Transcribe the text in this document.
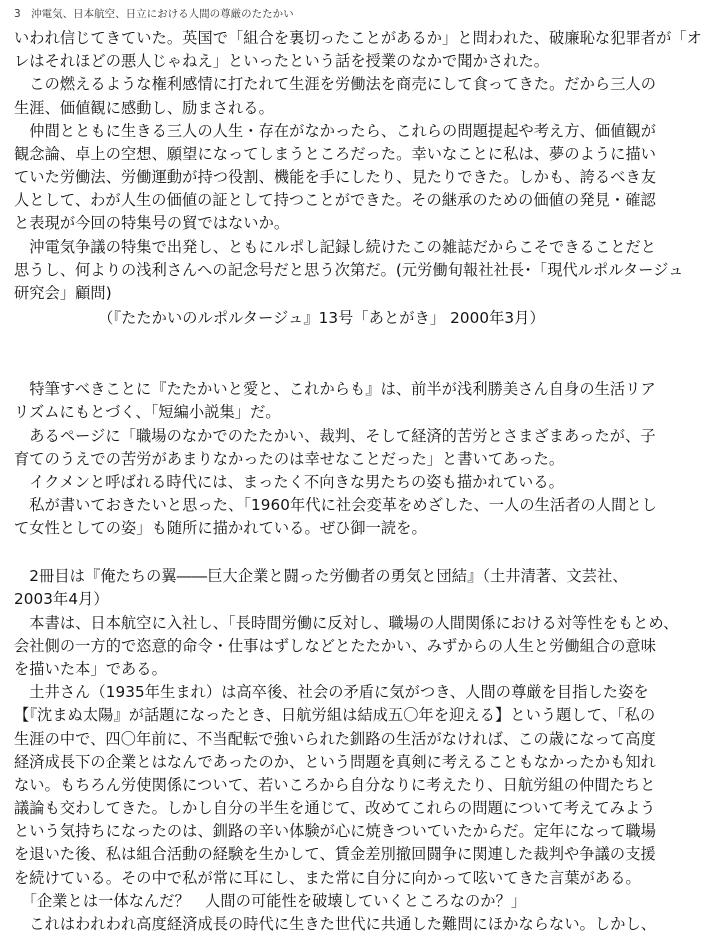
3　沖電気、日本航空、日立における人間の尊厳のたたかい
いわれ信じてきていた。英国で「組合を裏切ったことがあるか」と問われた、破廉恥な犯罪者が「オ
レはそれほどの悪人じゃねえ」といったという話を授業のなかで聞かされた。
　この燃えるような権利感情に打たれて生涯を労働法を商売にして食ってきた。だから三人の
生涯、価値観に感動し、励まされる。
　仲間とともに生きる三人の人生・存在がなかったら、これらの問題提起や考え方、価値観が
観念論、卓上の空想、願望になってしまうところだった。幸いなことに私は、夢のように描い
ていた労働法、労働運動が持つ役割、機能を手にしたり、見たりできた。しかも、誇るべき友
人として、わが人生の価値の証として持つことができた。その継承のための価値の発見・確認
と表現が今回の特集号の貿ではないか。
　沖電気争議の特集で出発し、ともにルポし記録し続けたこの雑誌だからこそできることだと
思うし、何よりの浅利さんへの記念号だと思う次第だ。(元労働旬報社社長･「現代ルポルタージュ
研究会」顧問)
　　　　　　（『たたかいのルポルタージュ』13号「あとがき」 2000年3月）
　特筆すべきことに『たたかいと愛と、これからも』は、前半が浅利勝美さん自身の生活リア
リズムにもとづく、「短編小説集」だ。
　あるページに「職場のなかでのたたかい、裁判、そして経済的苦労とさまざまあったが、子
育てのうえでの苦労があまりなかったのは幸せなことだった」と書いてあった。
　イクメンと呼ばれる時代には、まったく不向きな男たちの姿も描かれている。
　私が書いておきたいと思った、「1960年代に社会変革をめざした、一人の生活者の人間とし
て女性としての姿」も随所に描かれている。ぜひ御一読を。
　2冊目は『俺たちの翼――巨大企業と闘った労働者の勇気と団結』（土井清著、文芸社、
2003年4月）
　本書は、日本航空に入社し、「長時間労働に反対し、職場の人間関係における対等性をもとめ、
会社側の一方的で恣意的命令・仕事はずしなどとたたかい、みずからの人生と労働組合の意味
を描いた本」である。
　土井さん（1935年生まれ）は高卒後、社会の矛盾に気がつき、人間の尊厳を目指した姿を
【『沈まぬ太陽』が話題になったとき、日航労組は結成五〇年を迎える】という題して、「私の
生涯の中で、四〇年前に、不当配転で強いられた釧路の生活がなければ、この歳になって高度
経済成長下の企業とはなんであったのか、という問題を真剣に考えることもなかったかも知れ
ない。もちろん労使関係について、若いころから自分なりに考えたり、日航労組の仲間たちと
議論も交わしてきた。しかし自分の半生を通じて、改めてこれらの問題について考えてみよう
という気持ちになったのは、釧路の辛い体験が心に焼きついていたからだ。定年になって職場
を退いた後、私は組合活動の経験を生かして、賃金差別撤回闘争に関連した裁判や争議の支援
を続けている。その中で私が常に耳にし、また常に自分に向かって呟いてきた言葉がある。
　「企業とは一体なんだ？　人間の可能性を破壊していくところなのか？」
　これはわれわれ高度経済成長の時代に生きた世代に共通した難問にほかならない。しかし、
